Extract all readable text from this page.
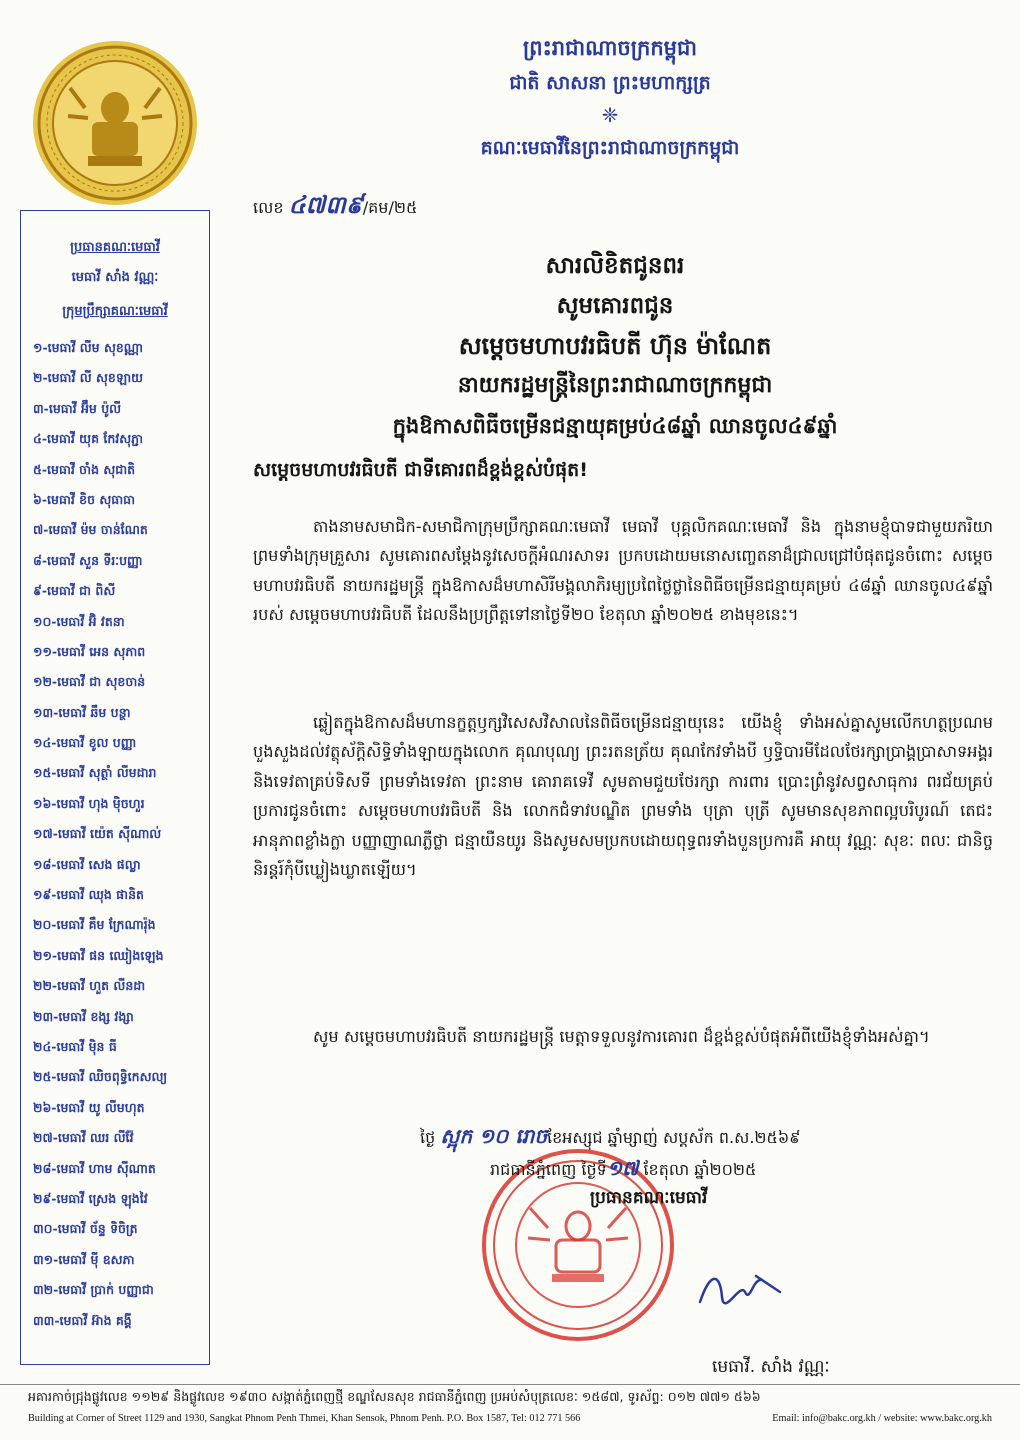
ព្រះរាជាណាចក្រកម្ពុជា
ជាតិ សាសនា ព្រះមហាក្សត្រ
❈
គណៈមេធាវីនៃព្រះរាជាណាចក្រកម្ពុជា
ប្រធានគណៈមេធាវី
មេធាវី សាំង វណ្ណៈ
ក្រុមប្រឹក្សាគណៈមេធាវី
១-មេធាវី លីម សុខណ្ណា
២-មេធាវី លី សុខឡាយ
៣-មេធាវី អ៊ឹម ប៉ូលី
៤-មេធាវី យុគ កែវសុភ្ជា
៥-មេធាវី ចាំង សុជាតិ
៦-មេធាវី ខិច សុធាធា
៧-មេធាវី ម៉ម ចាន់ណែត
៨-មេធាវី សួន ទីរៈបញ្ញា
៩-មេធាវី ជា ពិសី
១០-មេធាវី អ៊ិ វតនា
១១-មេធាវី អេន សុភាព
១២-មេធាវី ជា សុខចាន់
១៣-មេធាវី ឆឹម បន្ថា
១៤-មេធាវី ខូល បញ្ញា
១៥-មេធាវី សុត្ថាំ លីមដារា
១៦-មេធាវី ហុង ម៉ិចហួរ
១៧-មេធាវី យ៉េត ស៊ីណាល់
១៨-មេធាវី សេង ផល្លា
១៩-មេធាវី ឈុង ផានិត
២០-មេធាវី គឹម ក្រែណារ៉ុង
២១-មេធាវី ផន ឈៀងឡេង
២២-មេធាវី ហួត លីនដា
២៣-មេធាវី ខង្ស វង្សា
២៤-មេធាវី ម៉ិន ធី
២៥-មេធាវី ឈិចពុទ្ធិកេសល្យ
២៦-មេធាវី យូ លីមហុត
២៧-មេធាវី ឈរ លីវ៉ែ
២៨-មេធាវី ហាម ស៊ីណាត
២៩-មេធាវី ស្រេង ឡុងវៃ
៣០-មេធាវី ច័ន្ទ ទិចិត្រ
៣១-មេធាវី ម៉ី ឧសភា
៣២-មេធាវី ប្រាក់ បញ្ញាជា
៣៣-មេធាវី អ៊ាង គង្គី
លេខ ៤៧៣៩/គម/២៥
សារលិខិតជូនពរ
សូមគោរពជូន
សម្តេចមហាបវរធិបតី ហ៊ុន ម៉ាណែត
នាយករដ្ឋមន្ត្រីនៃព្រះរាជាណាចក្រកម្ពុជា
ក្នុងឱកាសពិធីចម្រើនជន្មាយុគម្រប់៤៨ឆ្នាំ ឈានចូល៤៩ឆ្នាំ
សម្តេចមហាបវរធិបតី ជាទីគោរពដ៏ខ្ពង់ខ្ពស់បំផុត!
តាងនាមសមាជិក-សមាជិកាក្រុមប្រឹក្សាគណៈមេធាវី មេធាវី បុគ្គលិកគណៈមេធាវី និង ក្នុងនាមខ្ញុំបាទជាមួយភរិយា ព្រមទាំងក្រុមគ្រួសារ សូមគោរពសម្តែងនូវសេចក្តីអំណរសាទរ ប្រកបដោយមនោសញ្ចេតនាដ៏ជ្រាលជ្រៅបំផុតជូនចំពោះ សម្តេចមហាបវរធិបតី នាយករដ្ឋមន្ត្រី ក្នុងឱកាសដ៏មហាសិរីមង្គលាភិរម្យប្រពៃថ្លៃថ្លានៃពិធីចម្រើនជន្មាយុគម្រប់ ៤៨ឆ្នាំ ឈានចូល៤៩ឆ្នាំ របស់ សម្តេចមហាបវរធិបតី ដែលនឹងប្រព្រឹត្តទៅនាថ្ងៃទី២០ ខែតុលា ឆ្នាំ២០២៥ ខាងមុខនេះ។
ឆ្លៀតក្នុងឱកាសដ៏មហានក្ខត្តឫក្សវិសេសវិសាលនៃពិធីចម្រើនជន្មាយុនេះ យើងខ្ញុំ ទាំងអស់គ្នាសូមលើកហត្ថប្រណមបួងសួងដល់វត្ថុស័ក្តិសិទ្ធិទាំងឡាយក្នុងលោក គុណបុណ្យ ព្រះរតនត្រ័យ គុណកែវទាំងបី ឫទ្ធិបារមីដែលថែរក្សាប្រាង្គប្រាសាទអង្គរ និងទេវតាគ្រប់ទិសទី ព្រមទាំងទេវតា ព្រះនាម គោរាគទេវី សូមតាមជួយថែរក្សា ការពារ ប្រោះព្រំនូវសព្វសាធុការ ពរជ័យគ្រប់ប្រការជូនចំពោះ សម្តេចមហាបវរធិបតី និង លោកជំទាវបណ្ឌិត ព្រមទាំង បុត្រា បុត្រី សូមមានសុខភាពល្អបរិបូរណ៍ តេជះអានុភាពខ្លាំងក្លា បញ្ញាញាណភ្លឺថ្លា ជន្មាយឺនយូរ និងសូមសមប្រកបដោយពុទ្ធពរទាំងបួនប្រការគឺ អាយុ វណ្ណៈ សុខៈ ពលៈ ជានិច្ចនិរន្តរ៍កុំបីឃ្លៀងឃ្លាតឡើយ។
សូម សម្តេចមហាបវរធិបតី នាយករដ្ឋមន្ត្រី មេត្តាទទួលនូវការគោរព ដ៏ខ្ពង់ខ្ពស់បំផុតអំពីយើងខ្ញុំទាំងអស់គ្នា។
ថ្ងៃ ស្អុក ១០ រោចខែអស្សុជ ឆ្នាំម្សាញ់ សប្តស័ក ព.ស.២៥៦៩
រាជធានីភ្នំពេញ ថ្ងៃទី១៧ ខែតុលា ឆ្នាំ២០២៥
ប្រធានគណៈមេធាវី
មេធាវី. សាំង វណ្ណៈ
អគារកាច់ជ្រុងផ្លូវលេខ ១១២៩ និងផ្លូវលេខ ១៩៣០ សង្កាត់ភ្នំពេញថ្មី ខណ្ឌសែនសុខ រាជធានីភ្នំពេញ ប្រអប់សំបុត្រលេខៈ ១៥៨៧, ទូរស័ព្ទ: ០១២ ៧៧១ ៥៦៦
Building at Corner of Street 1129 and 1930, Sangkat Phnom Penh Thmei, Khan Sensok, Phnom Penh. P.O. Box 1587, Tel: 012 771 566	Email: info@bakc.org.kh / website: www.bakc.org.kh
